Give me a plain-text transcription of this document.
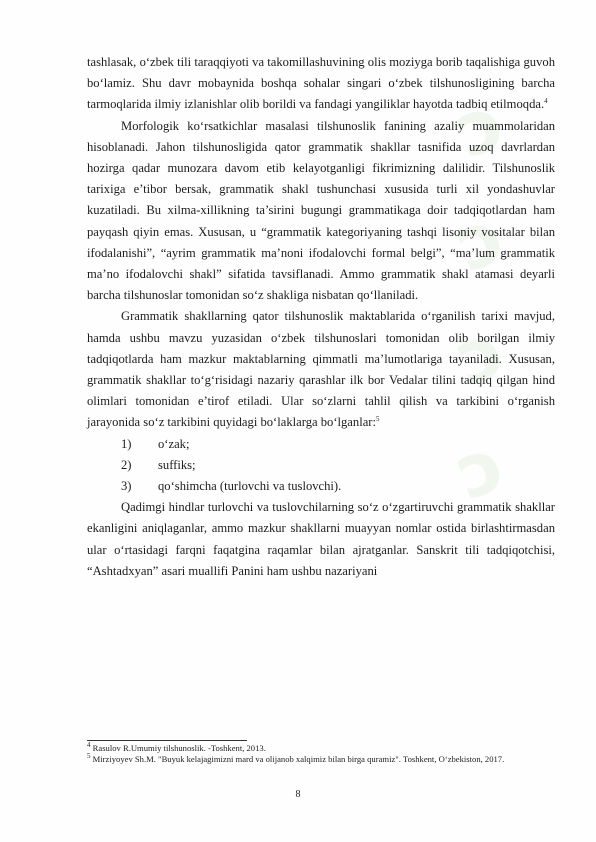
ↄ
ↄ
ↄ
ↄ

tashlasak, o‘zbek tili taraqqiyoti va takomillashuvining olis moziyga borib taqalishiga guvoh bo‘lamiz. Shu davr mobaynida boshqa sohalar singari o‘zbek tilshunosligining barcha tarmoqlarida ilmiy izlanishlar olib borildi va fandagi yangiliklar hayotda tadbiq etilmoqda.$^4$

Morfologik ko‘rsatkichlar masalasi tilshunoslik fanining azaliy muammolaridan hisoblanadi. Jahon tilshunosligida qator grammatik shakllar tasnifida uzoq davrlardan hozirga qadar munozara davom etib kelayotganligi fikrimizning dalilidir. Tilshunoslik tarixiga e’tibor bersak, grammatik shakl tushunchasi xususida turli xil yondashuvlar kuzatiladi. Bu xilma-xillikning ta’sirini bugungi grammatikaga doir tadqiqotlardan ham payqash qiyin emas. Xususan, u “grammatik kategoriyaning tashqi lisoniy vositalar bilan ifodalanishi”, “ayrim grammatik ma’noni ifodalovchi formal belgi”, “ma’lum grammatik ma’no ifodalovchi shakl” sifatida tavsiflanadi. Ammo grammatik shakl atamasi deyarli barcha tilshunoslar tomonidan so‘z shakliga nisbatan qo‘llaniladi.

Grammatik shakllarning qator tilshunoslik maktablarida o‘rganilish tarixi mavjud, hamda ushbu mavzu yuzasidan o‘zbek tilshunoslari tomonidan olib borilgan ilmiy tadqiqotlarda ham mazkur maktablarning qimmatli ma’lumotlariga tayaniladi. Xususan, grammatik shakllar to‘g‘risidagi nazariy qarashlar ilk bor Vedalar tilini tadqiq qilgan hind olimlari tomonidan e’tirof etiladi. Ular so‘zlarni tahlil qilish va tarkibini o‘rganish jarayonida so‘z tarkibini quyidagi bo‘laklarga bo‘lganlar:$^5$

1)	o‘zak;
2)	suffiks;
3)	qo‘shimcha (turlovchi va tuslovchi).

Qadimgi hindlar turlovchi va tuslovchilarning so‘z o‘zgartiruvchi grammatik shakllar ekanligini aniqlaganlar, ammo mazkur shakllarni muayyan nomlar ostida birlashtirmasdan ular o‘rtasidagi farqni faqatgina raqamlar bilan ajratganlar. Sanskrit tili tadqiqotchisi, “Ashtadxyan” asari muallifi Panini ham ushbu nazariyani

$^4$ Rasulov R.Umumiy tilshunoslik. -Toshkent, 2013.

$^5$ Mirziyoyev Sh.M. "Buyuk kelajagimizni mard va olijanob xalqimiz bilan birga quramiz". Toshkent, O‘zbekiston, 2017.

8
